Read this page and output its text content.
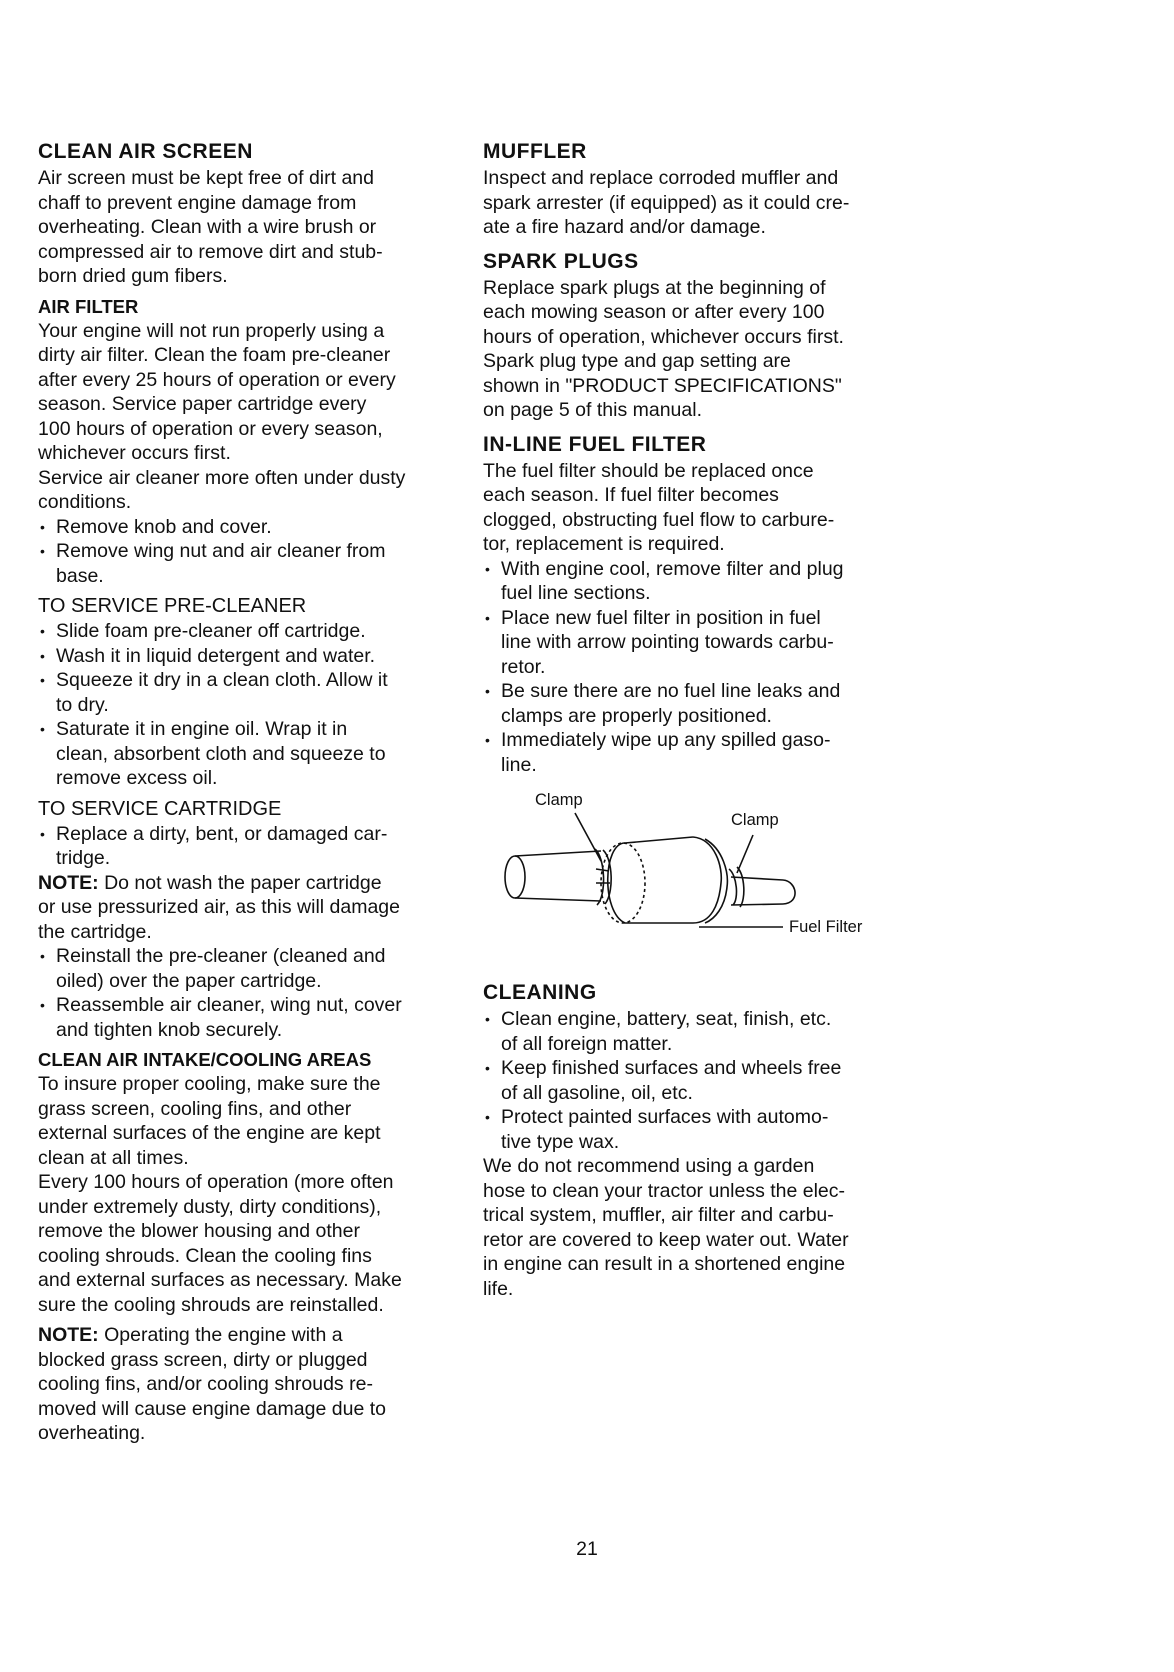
CLEAN AIR SCREEN

Air screen must be kept free of dirt and

chaff to prevent engine damage from

overheating. Clean with a wire brush or

compressed air to remove dirt and stub-

born dried gum fibers.

AIR FILTER

Your engine will not run properly using a

dirty air filter. Clean the foam pre-cleaner

after every 25 hours of operation or every

season. Service paper cartridge every

100 hours of operation or every season,

whichever occurs first.

Service air cleaner more often under dusty

conditions.

• Remove knob and cover.
• Remove wing nut and air cleaner from
base.
TO SERVICE PRE-CLEANER
• Slide foam pre-cleaner off cartridge.
• Wash it in liquid detergent and water.
• Squeeze it dry in a clean cloth. Allow it
to dry.
• Saturate it in engine oil. Wrap it in
clean, absorbent cloth and squeeze to
remove excess oil.
TO SERVICE CARTRIDGE
• Replace a dirty, bent, or damaged car-
tridge.

NOTE: Do not wash the paper cartridge
or use pressurized air, as this will damage
the cartridge.

• Reinstall the pre-cleaner (cleaned and
oiled) over the paper cartridge.
• Reassemble air cleaner, wing nut, cover
and tighten knob securely.
CLEAN AIR INTAKE/COOLING AREAS

To insure proper cooling, make sure the

grass screen, cooling fins, and other

external surfaces of the engine are kept

clean at all times.

Every 100 hours of operation (more often

under extremely dusty, dirty conditions),

remove the blower housing and other

cooling shrouds. Clean the cooling fins

and external surfaces as necessary. Make

sure the cooling shrouds are reinstalled.

NOTE: Operating the engine with a
blocked grass screen, dirty or plugged
cooling fins, and/or cooling shrouds re-
moved will cause engine damage due to
overheating.

MUFFLER

Inspect and replace corroded muffler and

spark arrester (if equipped) as it could cre-

ate a fire hazard and/or damage.

SPARK PLUGS

Replace spark plugs at the beginning of

each mowing season or after every 100

hours of operation, whichever occurs first.

Spark plug type and gap setting are

shown in "PRODUCT SPECIFICATIONS"

on page 5 of this manual.

IN-LINE FUEL FILTER

The fuel filter should be replaced once

each season. If fuel filter becomes

clogged, obstructing fuel flow to carbure-

tor, replacement is required.

• With engine cool, remove filter and plug
fuel line sections.
• Place new fuel filter in position in fuel
line with arrow pointing towards carbu-
retor.
• Be sure there are no fuel line leaks and
clamps are properly positioned.
• Immediately wipe up any spilled gaso-
line.
Clamp
Clamp
Fuel Filter
CLEANING
• Clean engine, battery, seat, finish, etc.
of all foreign matter.
• Keep finished surfaces and wheels free
of all gasoline, oil, etc.
• Protect painted surfaces with automo-
tive type wax.

We do not recommend using a garden

hose to clean your tractor unless the elec-

trical system, muffler, air filter and carbu-

retor are covered to keep water out. Water

in engine can result in a shortened engine

life.

21
